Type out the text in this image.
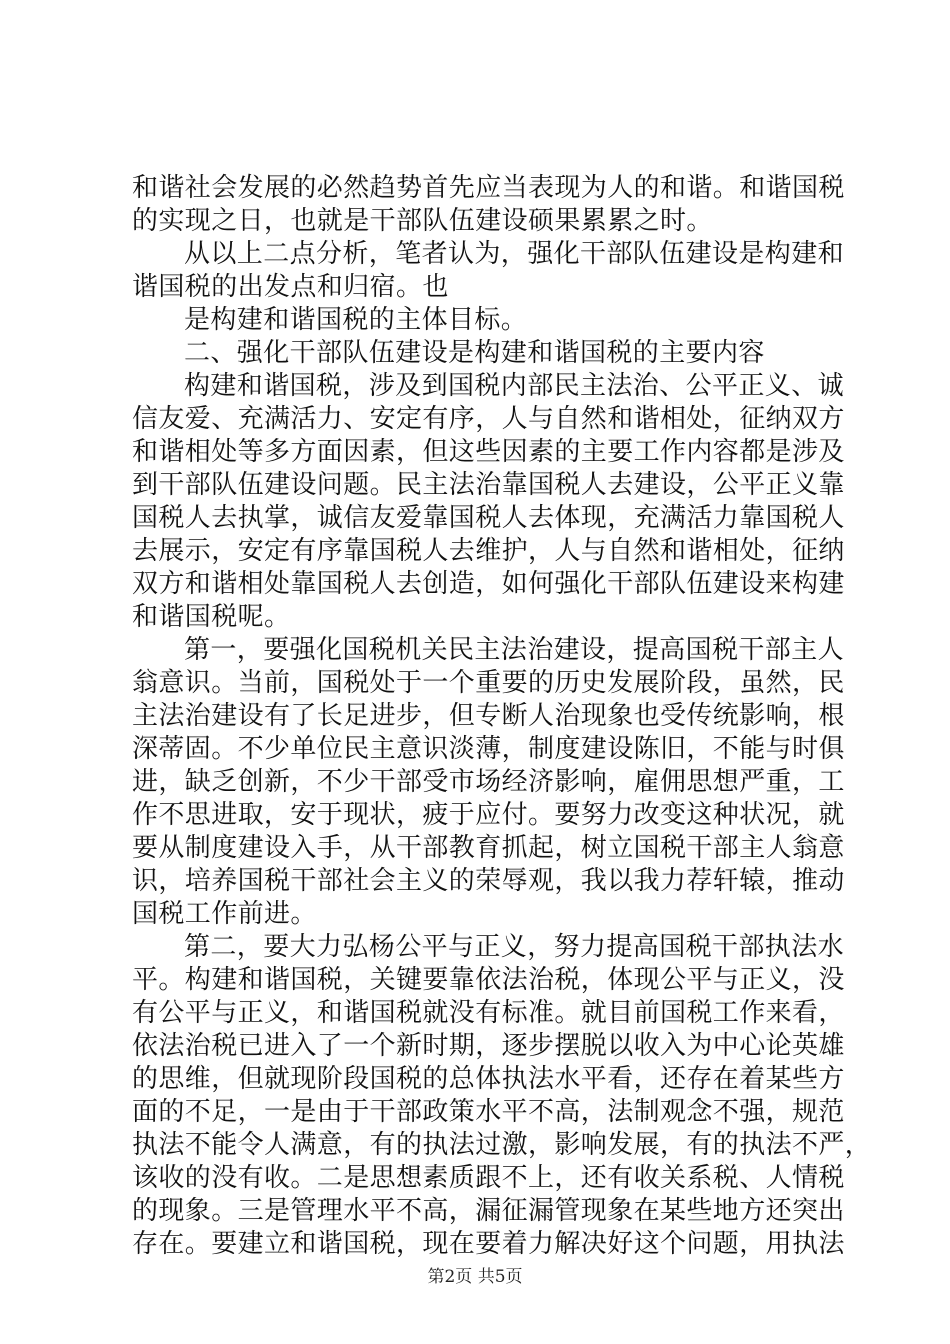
和谐社会发展的必然趋势首先应当表现为人的和谐。和谐国税
的实现之日，也就是干部队伍建设硕果累累之时。
从以上二点分析，笔者认为，强化干部队伍建设是构建和
谐国税的出发点和归宿。也
是构建和谐国税的主体目标。
二、强化干部队伍建设是构建和谐国税的主要内容
构建和谐国税，涉及到国税内部民主法治、公平正义、诚
信友爱、充满活力、安定有序，人与自然和谐相处，征纳双方
和谐相处等多方面因素，但这些因素的主要工作内容都是涉及
到干部队伍建设问题。民主法治靠国税人去建设，公平正义靠
国税人去执掌，诚信友爱靠国税人去体现，充满活力靠国税人
去展示，安定有序靠国税人去维护，人与自然和谐相处，征纳
双方和谐相处靠国税人去创造，如何强化干部队伍建设来构建
和谐国税呢。
第一，要强化国税机关民主法治建设，提高国税干部主人
翁意识。当前，国税处于一个重要的历史发展阶段，虽然，民
主法治建设有了长足进步，但专断人治现象也受传统影响，根
深蒂固。不少单位民主意识淡薄，制度建设陈旧，不能与时俱
进，缺乏创新，不少干部受市场经济影响，雇佣思想严重，工
作不思进取，安于现状，疲于应付。要努力改变这种状况，就
要从制度建设入手，从干部教育抓起，树立国税干部主人翁意
识，培养国税干部社会主义的荣辱观，我以我力荐轩辕，推动
国税工作前进。
第二，要大力弘杨公平与正义，努力提高国税干部执法水
平。构建和谐国税，关键要靠依法治税，体现公平与正义，没
有公平与正义，和谐国税就没有标准。就目前国税工作来看，
依法治税已进入了一个新时期，逐步摆脱以收入为中心论英雄
的思维，但就现阶段国税的总体执法水平看，还存在着某些方
面的不足，一是由于干部政策水平不高，法制观念不强，规范
执法不能令人满意，有的执法过激，影响发展，有的执法不严，
该收的没有收。二是思想素质跟不上，还有收关系税、人情税
的现象。三是管理水平不高，漏征漏管现象在某些地方还突出
存在。要建立和谐国税，现在要着力解决好这个问题，用执法
第2页 共5页
